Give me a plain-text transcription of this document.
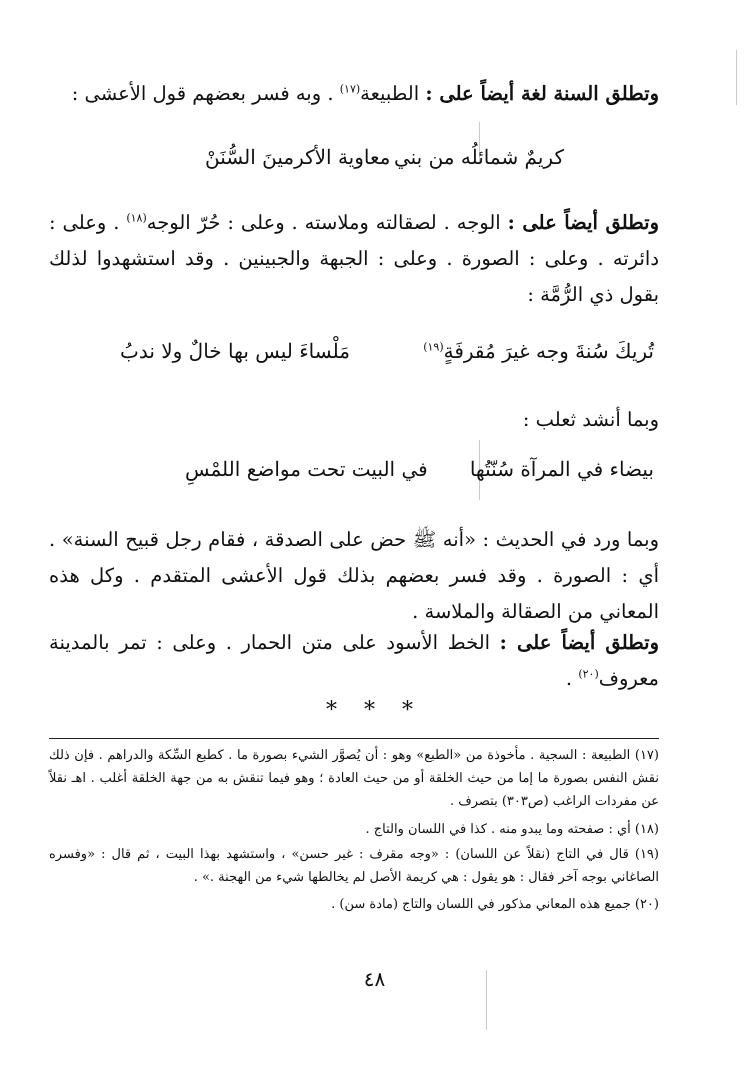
وتطلق السنة لغة أيضاً على : الطبيعة$^{(١٧)}$ . وبه فسر بعضهم قول الأعشى :

كريمٌ شمائلُه من بني
معاوية الأكرمينَ السُّنَنْ

وتطلق أيضاً على : الوجه . لصقالته وملاسته . وعلى : حُرّ الوجه$^{(١٨)}$ . وعلى : دائرته . وعلى : الصورة . وعلى : الجبهة والجبينين . وقد استشهدوا لذلك بقول ذي الرُّمَّة :

تُريكَ سُنةَ وجه غيرَ مُقرفَةٍ$^{(١٩)}$
مَلْساءَ ليس بها خالٌ ولا ندبُ

وبما أنشد ثعلب :

بيضاء في المرآة سُنّتُها
في البيت تحت مواضع اللمْسِ

وبما ورد في الحديث : «أنه ﷺ حض على الصدقة ، فقام رجل قبيح السنة» . أي : الصورة . وقد فسر بعضهم بذلك قول الأعشى المتقدم . وكل هذه المعاني من الصقالة والملاسة .

وتطلق أيضاً على : الخط الأسود على متن الحمار . وعلى : تمر بالمدينة معروف$^{(٢٠)}$ .

* * *

(١٧) الطبيعة : السجية . مأخوذة من «الطبع» وهو : أن يُصوَّر الشيء بصورة ما . كطبع السِّكة والدراهم . فإن ذلك نقش النفس بصورة ما إما من حيث الخلقة أو من حيث العادة ؛ وهو فيما تنقش به من جهة الخلقة أغلب . اهـ نقلاً عن مفردات الراغب (ص٣٠٣) بتصرف .

(١٨) أي : صفحته وما يبدو منه . كذا في اللسان والتاج .

(١٩) قال في التاج (نقلاً عن اللسان) : «وجه مقرف : غير حسن» ، واستشهد بهذا البيت ، ثم قال : «وفسره الصاغاني بوجه آخر فقال : هو يقول : هي كريمة الأصل لم يخالطها شيء من الهجنة .» .

(٢٠) جميع هذه المعاني مذكور في اللسان والتاج (مادة سن) .

٤٨
